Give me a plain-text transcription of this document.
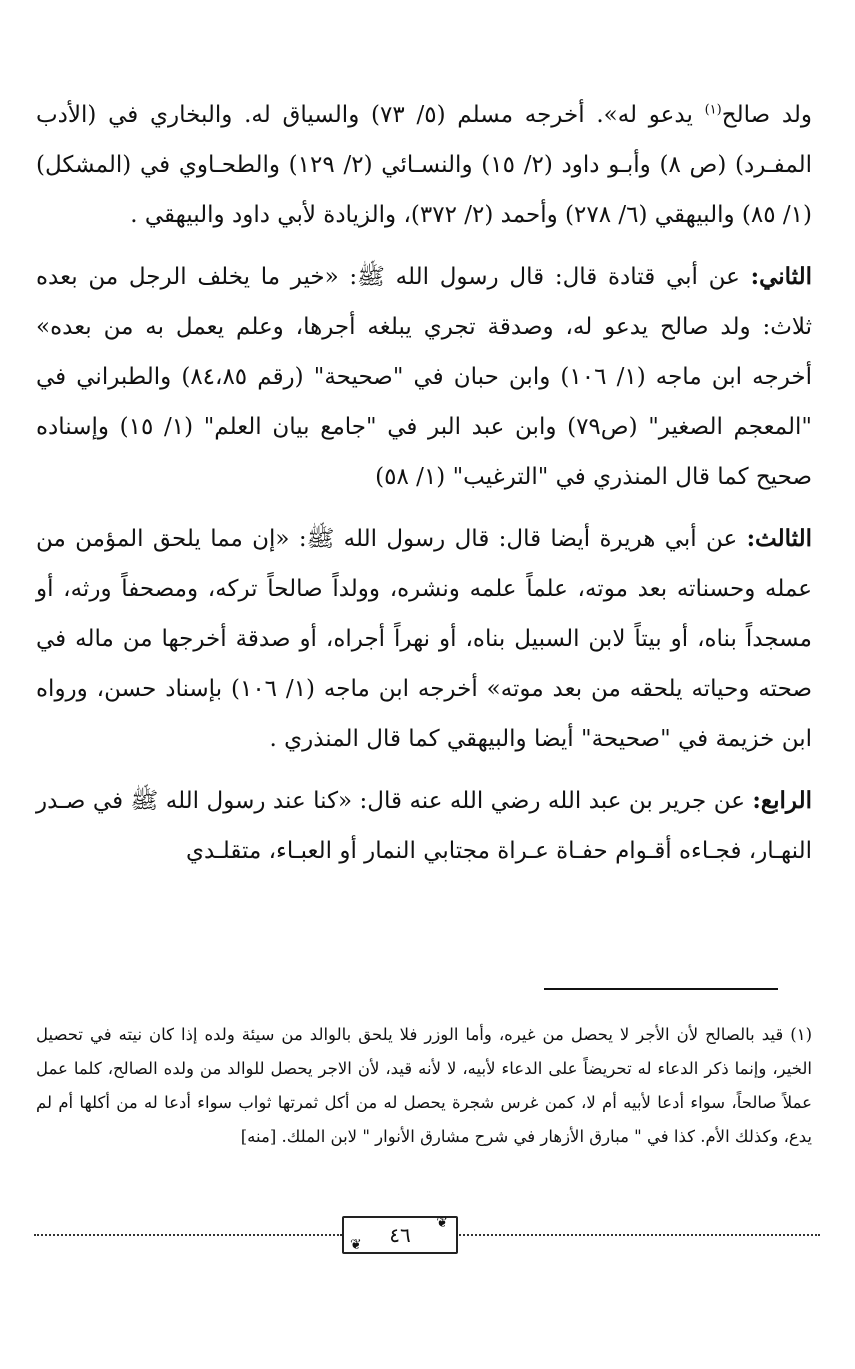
ولد صالح$^{(١)}$ يدعو له». أخرجه مسلم (٥/ ٧٣) والسياق له. والبخاري في (الأدب المفـرد) (ص ٨) وأبـو داود (٢/ ١٥) والنسـائي (٢/ ١٢٩) والطحـاوي في (المشكل) (١/ ٨٥) والبيهقي (٦/ ٢٧٨) وأحمد (٢/ ٣٧٢)، والزيادة لأبي داود والبيهقي .

الثاني: عن أبي قتادة قال: قال رسول الله ﷺ: «خير ما يخلف الرجل من بعده ثلاث: ولد صالح يدعو له، وصدقة تجري يبلغه أجرها، وعلم يعمل به من بعده» أخرجه ابن ماجه (١/ ١٠٦) وابن حبان في "صحيحة" (رقم ٨٤،٨٥) والطبراني في "المعجم الصغير" (ص٧٩) وابن عبد البر في "جامع بيان العلم" (١/ ١٥) وإسناده صحيح كما قال المنذري في "الترغيب" (١/ ٥٨)

الثالث: عن أبي هريرة أيضا قال: قال رسول الله ﷺ: «إن مما يلحق المؤمن من عمله وحسناته بعد موته، علماً علمه ونشره، وولداً صالحاً تركه، ومصحفاً ورثه، أو مسجداً بناه، أو بيتاً لابن السبيل بناه، أو نهراً أجراه، أو صدقة أخرجها من ماله في صحته وحياته يلحقه من بعد موته» أخرجه ابن ماجه (١/ ١٠٦) بإسناد حسن، ورواه ابن خزيمة في "صحيحة" أيضا والبيهقي كما قال المنذري .

الرابع: عن جرير بن عبد الله رضي الله عنه قال: «كنا عند رسول الله ﷺ في صـدر النهـار، فجـاءه أقـوام حفـاة عـراة مجتابي النمار أو العبـاء، متقلـدي

(١) قيد بالصالح لأن الأجر لا يحصل من غيره، وأما الوزر فلا يلحق بالوالد من سيئة ولده إذا كان نيته في تحصيل الخير، وإنما ذكر الدعاء له تحريضاً على الدعاء لأبيه، لا لأنه قيد، لأن الاجر يحصل للوالد من ولده الصالح، كلما عمل عملاً صالحاً، سواء أدعا لأبيه أم لا، كمن غرس شجرة يحصل له من أكل ثمرتها ثواب سواء أدعا له من أكلها أم لم يدع، وكذلك الأم. كذا في " مبارق الأزهار في شرح مشارق الأنوار " لابن الملك. [منه]
❦
٤٦
❦
